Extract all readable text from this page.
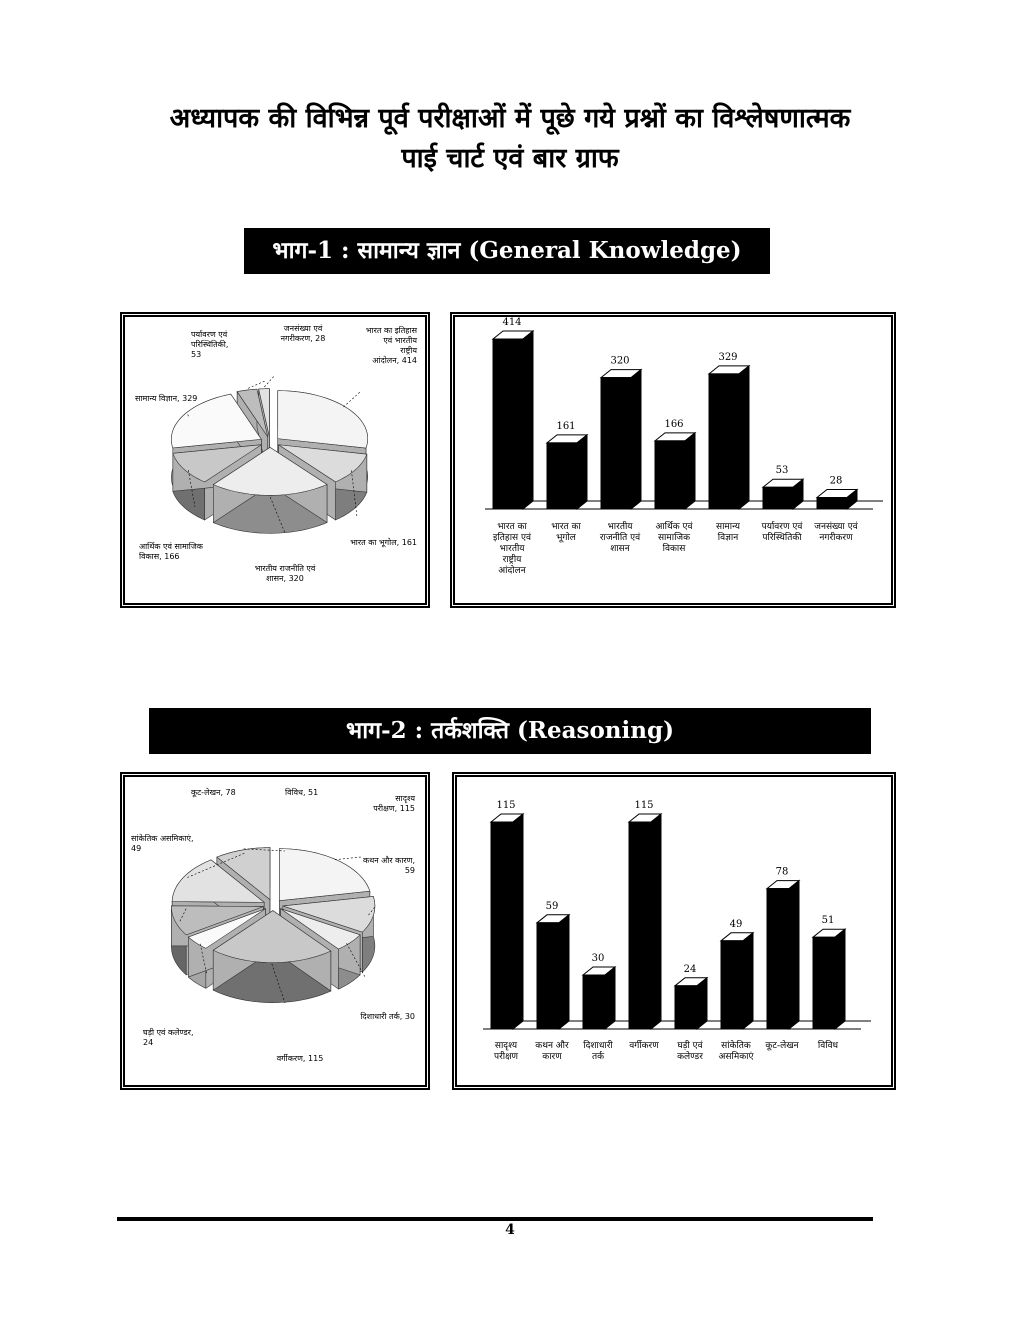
अध्यापक की विभिन्न पूर्व परीक्षाओं में पूछे गये प्रश्नों का विश्लेषणात्मक
पाई चार्ट एवं बार ग्राफ
भाग-1 : सामान्य ज्ञान (General Knowledge)
भारत का इतिहास एवं भारतीय राष्ट्रीय आंदोलन, 414
भारत का भूगोल, 161
भारतीय राजनीति एवं शासन, 320
आर्थिक एवं सामाजिक विकास, 166
सामान्य विज्ञान, 329
पर्यावरण एवं परिस्थितिकी, 53
जनसंख्या एवं नगरीकरण, 28
414
भारत का इतिहास एवं भारतीय राष्ट्रीय आंदोलन
161
भारत का भूगोल
320
भारतीय राजनीति एवं शासन
166
आर्थिक एवं सामाजिक विकास
329
सामान्य विज्ञान
53
पर्यावरण एवं परिस्थितिकी
28
जनसंख्या एवं नगरीकरण
भाग-2 : तर्कशक्ति (Reasoning)
सादृश्य परीक्षण, 115
कथन और कारण, 59
दिशाधारी तर्क, 30
वर्गीकरण, 115
घड़ी एवं कलेण्डर, 24
सांकेतिक असमिकाएं, 49
कूट-लेखन, 78	विविध, 51
115
सादृश्य परीक्षण
59
कथन और कारण
30
दिशाधारी तर्क
115
वर्गीकरण
24
घड़ी एवं कलेण्डर
49
सांकेतिक असमिकाएं
78
कूट-लेखन
51
विविध
4
